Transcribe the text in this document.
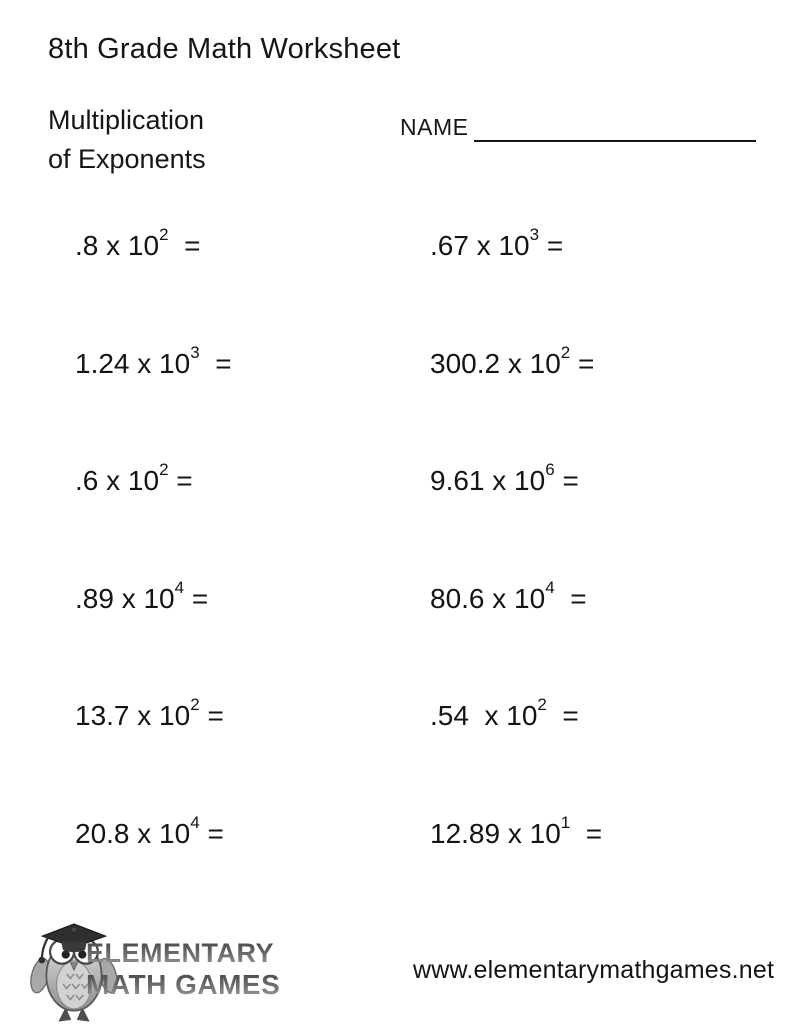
8th Grade Math Worksheet
Multiplication
of Exponents
NAME
.8 x $10^2$  =	.67 x $10^3$ =
1.24 x $10^3$  =	300.2 x $10^2$ =
.6 x $10^2$ =	9.61 x $10^6$ =
.89 x $10^4$ =	80.6 x $10^4$  =
13.7 x $10^2$ =	.54  x $10^2$  =
20.8 x $10^4$ =	12.89 x $10^1$  =
ELEMENTARY
MATH GAMES	www.elementarymathgames.net
